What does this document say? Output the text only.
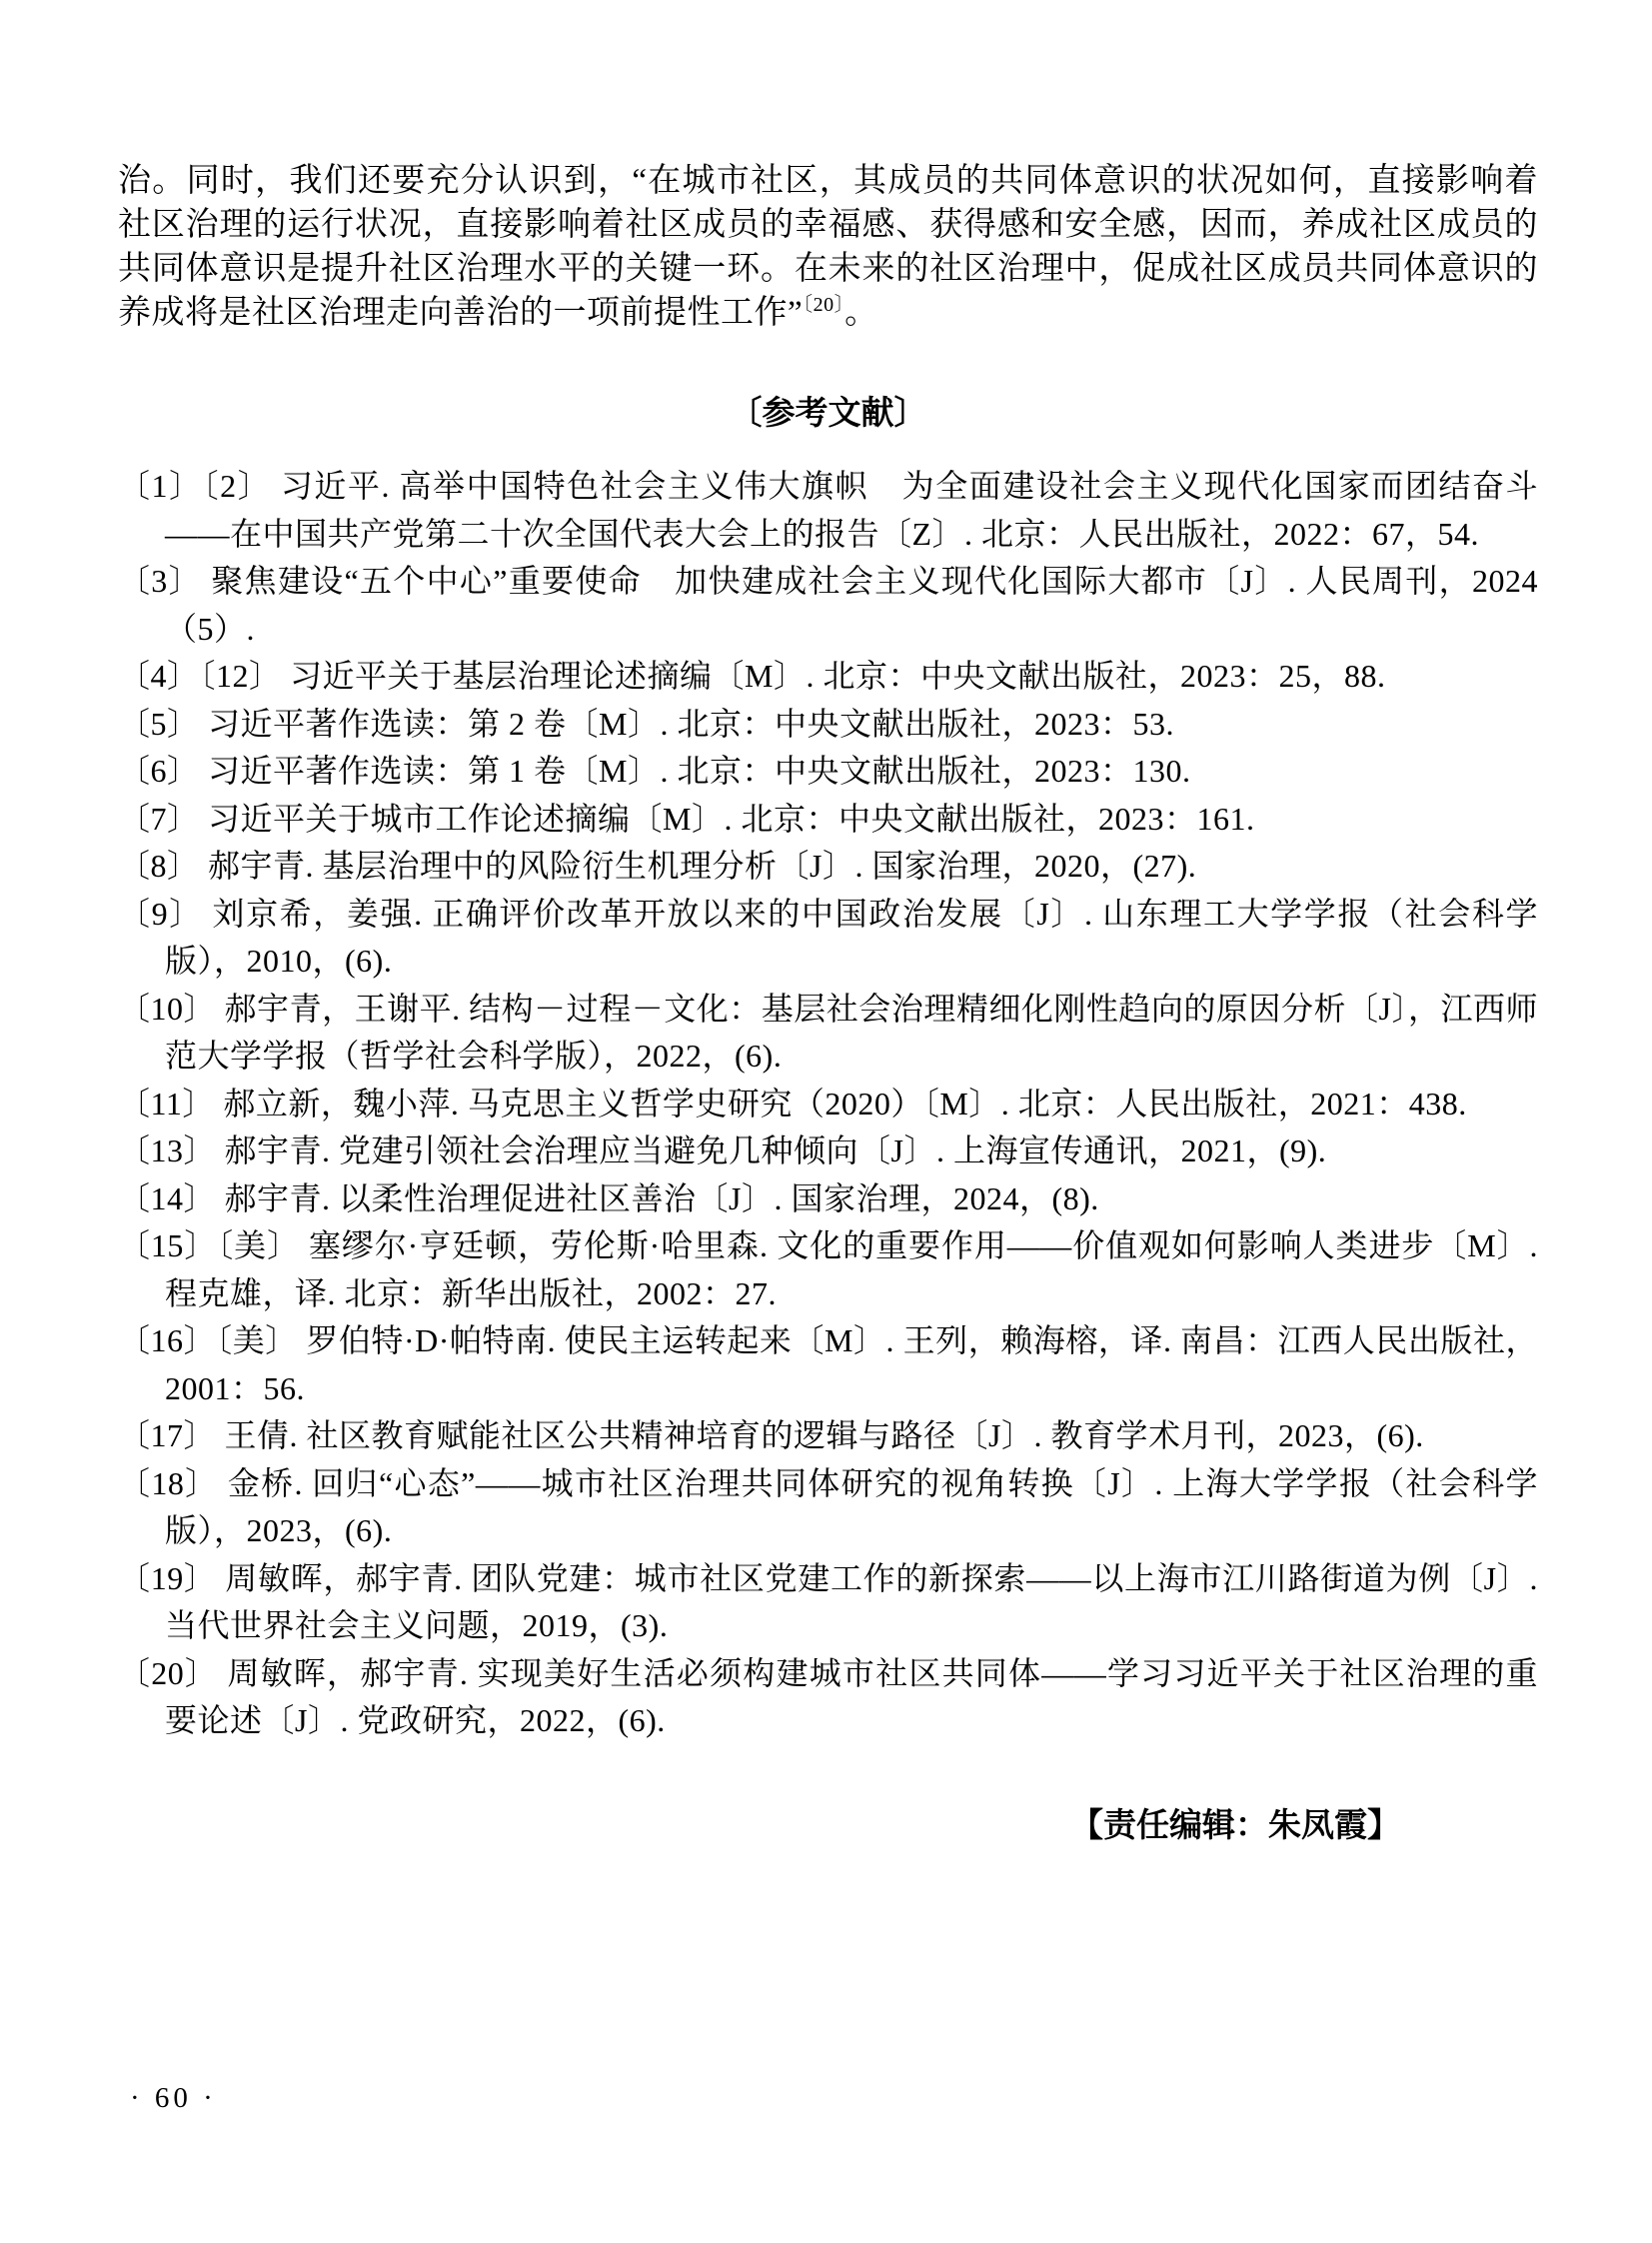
治。同时，我们还要充分认识到，“在城市社区，其成员的共同体意识的状况如何，直接影响着社区治理的运行状况，直接影响着社区成员的幸福感、获得感和安全感，因而，养成社区成员的共同体意识是提升社区治理水平的关键一环。在未来的社区治理中，促成社区成员共同体意识的养成将是社区治理走向善治的一项前提性工作”$^{〔20〕}$。

〔参考文献〕
〔1〕〔2〕 习近平. 高举中国特色社会主义伟大旗帜　为全面建设社会主义现代化国家而团结奋斗——在中国共产党第二十次全国代表大会上的报告〔Z〕. 北京：人民出版社，2022：67，54.
〔3〕 聚焦建设“五个中心”重要使命　加快建成社会主义现代化国际大都市〔J〕. 人民周刊，2024（5）.
〔4〕〔12〕 习近平关于基层治理论述摘编〔M〕. 北京：中央文献出版社，2023：25，88.
〔5〕 习近平著作选读：第 2 卷〔M〕. 北京：中央文献出版社，2023：53.
〔6〕 习近平著作选读：第 1 卷〔M〕. 北京：中央文献出版社，2023：130.
〔7〕 习近平关于城市工作论述摘编〔M〕. 北京：中央文献出版社，2023：161.
〔8〕 郝宇青. 基层治理中的风险衍生机理分析〔J〕. 国家治理，2020，(27).
〔9〕 刘京希，姜强. 正确评价改革开放以来的中国政治发展〔J〕. 山东理工大学学报（社会科学版），2010，(6).
〔10〕 郝宇青，王谢平. 结构－过程－文化：基层社会治理精细化刚性趋向的原因分析〔J〕，江西师范大学学报（哲学社会科学版），2022，(6).
〔11〕 郝立新，魏小萍. 马克思主义哲学史研究（2020）〔M〕. 北京：人民出版社，2021：438.
〔13〕 郝宇青. 党建引领社会治理应当避免几种倾向〔J〕. 上海宣传通讯，2021，(9).
〔14〕 郝宇青. 以柔性治理促进社区善治〔J〕. 国家治理，2024，(8).
〔15〕〔美〕 塞缪尔·亨廷顿，劳伦斯·哈里森. 文化的重要作用——价值观如何影响人类进步〔M〕. 程克雄，译. 北京：新华出版社，2002：27.
〔16〕〔美〕 罗伯特·D·帕特南. 使民主运转起来〔M〕. 王列，赖海榕，译. 南昌：江西人民出版社，2001：56.
〔17〕 王倩. 社区教育赋能社区公共精神培育的逻辑与路径〔J〕. 教育学术月刊，2023，(6).
〔18〕 金桥. 回归“心态”——城市社区治理共同体研究的视角转换〔J〕. 上海大学学报（社会科学版），2023，(6).
〔19〕 周敏晖，郝宇青. 团队党建：城市社区党建工作的新探索——以上海市江川路街道为例〔J〕. 当代世界社会主义问题，2019，(3).
〔20〕 周敏晖，郝宇青. 实现美好生活必须构建城市社区共同体——学习习近平关于社区治理的重要论述〔J〕. 党政研究，2022，(6).
【责任编辑：朱凤霞】
· 60 ·
